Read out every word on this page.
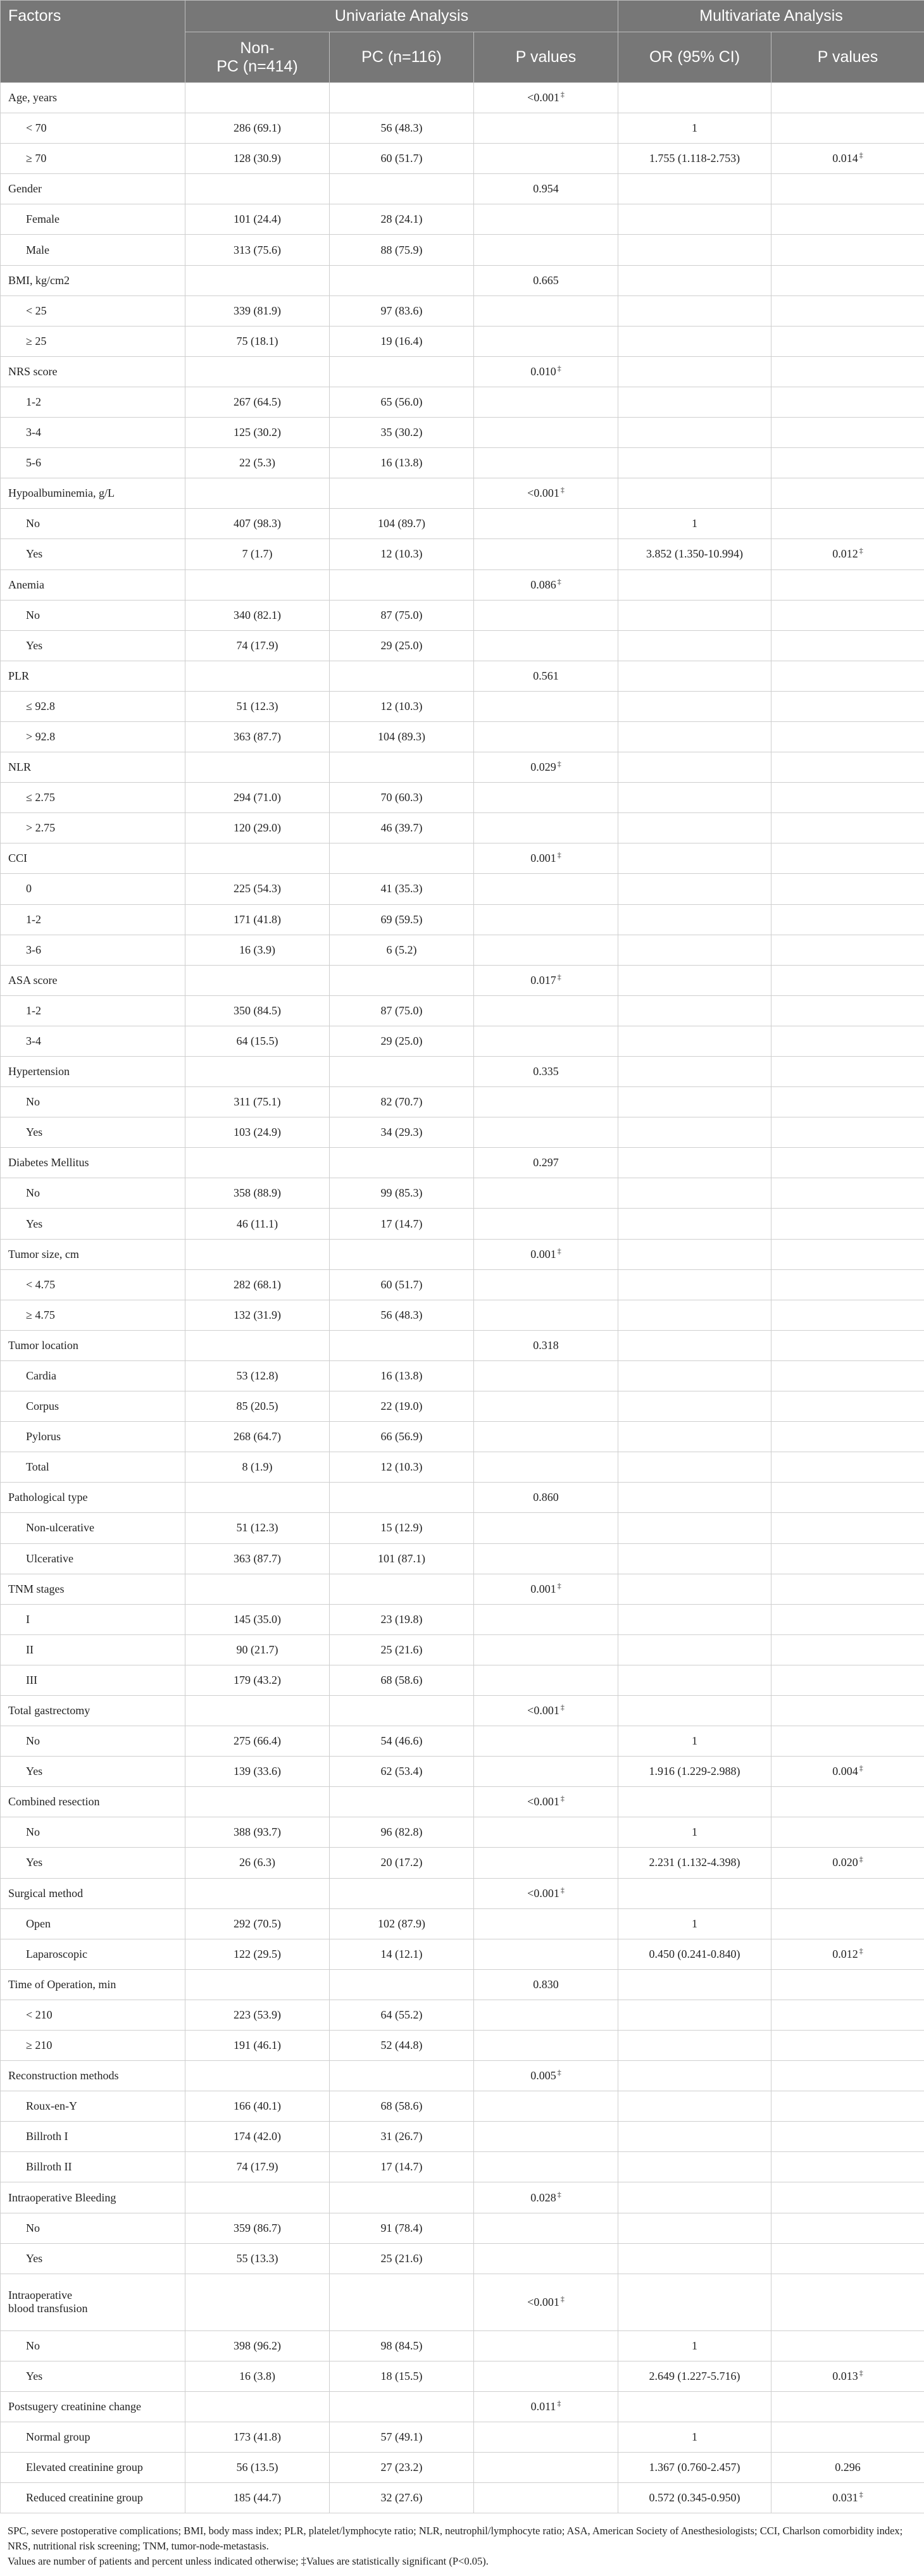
Factors	Univariate Analysis			Multivariate Analysis	
	Non-
PC (n=414)	PC (n=116)	P values	OR (95% CI)	P values
Age, years			<0.001 ‡		
< 70	286 (69.1)	56 (48.3)		1	
≥ 70	128 (30.9)	60 (51.7)		1.755 (1.118-2.753)	0.014 ‡
Gender			0.954		
Female	101 (24.4)	28 (24.1)			
Male	313 (75.6)	88 (75.9)			
BMI, kg/cm2			0.665		
< 25	339 (81.9)	97 (83.6)			
≥ 25	75 (18.1)	19 (16.4)			
NRS score			0.010 ‡		
1-2	267 (64.5)	65 (56.0)			
3-4	125 (30.2)	35 (30.2)			
5-6	22 (5.3)	16 (13.8)			
Hypoalbuminemia, g/L			<0.001 ‡		
No	407 (98.3)	104 (89.7)		1	
Yes	7 (1.7)	12 (10.3)		3.852 (1.350-10.994)	0.012 ‡
Anemia			0.086 ‡		
No	340 (82.1)	87 (75.0)			
Yes	74 (17.9)	29 (25.0)			
PLR			0.561		
≤ 92.8	51 (12.3)	12 (10.3)			
> 92.8	363 (87.7)	104 (89.3)			
NLR			0.029 ‡		
≤ 2.75	294 (71.0)	70 (60.3)			
> 2.75	120 (29.0)	46 (39.7)			
CCI			0.001 ‡		
0	225 (54.3)	41 (35.3)			
1-2	171 (41.8)	69 (59.5)			
3-6	16 (3.9)	6 (5.2)			
ASA score			0.017 ‡		
1-2	350 (84.5)	87 (75.0)			
3-4	64 (15.5)	29 (25.0)			
Hypertension			0.335		
No	311 (75.1)	82 (70.7)			
Yes	103 (24.9)	34 (29.3)			
Diabetes Mellitus			0.297		
No	358 (88.9)	99 (85.3)			
Yes	46 (11.1)	17 (14.7)			
Tumor size, cm			0.001 ‡		
< 4.75	282 (68.1)	60 (51.7)			
≥ 4.75	132 (31.9)	56 (48.3)			
Tumor location			0.318		
Cardia	53 (12.8)	16 (13.8)			
Corpus	85 (20.5)	22 (19.0)			
Pylorus	268 (64.7)	66 (56.9)			
Total	8 (1.9)	12 (10.3)			
Pathological type			0.860		
Non-ulcerative	51 (12.3)	15 (12.9)			
Ulcerative	363 (87.7)	101 (87.1)			
TNM stages			0.001 ‡		
I	145 (35.0)	23 (19.8)			
II	90 (21.7)	25 (21.6)			
III	179 (43.2)	68 (58.6)			
Total gastrectomy			<0.001 ‡		
No	275 (66.4)	54 (46.6)		1	
Yes	139 (33.6)	62 (53.4)		1.916 (1.229-2.988)	0.004 ‡
Combined resection			<0.001 ‡		
No	388 (93.7)	96 (82.8)		1	
Yes	26 (6.3)	20 (17.2)		2.231 (1.132-4.398)	0.020 ‡
Surgical method			<0.001 ‡		
Open	292 (70.5)	102 (87.9)		1	
Laparoscopic	122 (29.5)	14 (12.1)		0.450 (0.241-0.840)	0.012 ‡
Time of Operation, min			0.830		
< 210	223 (53.9)	64 (55.2)			
≥ 210	191 (46.1)	52 (44.8)			
Reconstruction methods			0.005 ‡		
Roux-en-Y	166 (40.1)	68 (58.6)			
Billroth I	174 (42.0)	31 (26.7)			
Billroth II	74 (17.9)	17 (14.7)			
Intraoperative Bleeding			0.028 ‡		
No	359 (86.7)	91 (78.4)			
Yes	55 (13.3)	25 (21.6)			
Intraoperative
blood transfusion			<0.001 ‡		
No	398 (96.2)	98 (84.5)		1	
Yes	16 (3.8)	18 (15.5)		2.649 (1.227-5.716)	0.013 ‡
Postsugery creatinine change			0.011 ‡		
Normal group	173 (41.8)	57 (49.1)		1	
Elevated creatinine group	56 (13.5)	27 (23.2)		1.367 (0.760-2.457)	0.296
Reduced creatinine group	185 (44.7)	32 (27.6)		0.572 (0.345-0.950)	0.031 ‡

SPC, severe postoperative complications; BMI, body mass index; PLR, platelet/lymphocyte ratio; NLR, neutrophil/lymphocyte ratio; ASA, American Society of Anesthesiologists; CCI, Charlson comorbidity index; NRS, nutritional risk screening; TNM, tumor-node-metastasis.

Values are number of patients and percent unless indicated otherwise; ‡Values are statistically significant (P<0.05).
